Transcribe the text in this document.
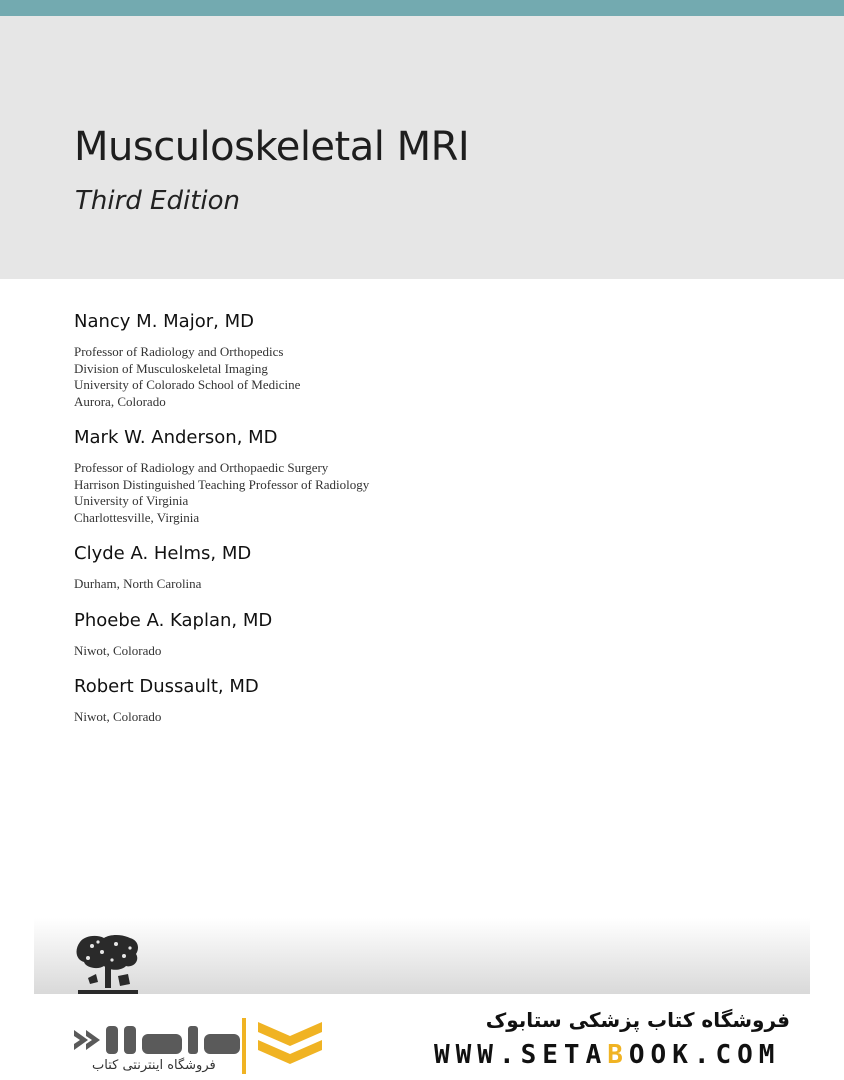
Musculoskeletal MRI
Third Edition
Nancy M. Major, MD
Professor of Radiology and Orthopedics
Division of Musculoskeletal Imaging
University of Colorado School of Medicine
Aurora, Colorado
Mark W. Anderson, MD
Professor of Radiology and Orthopaedic Surgery
Harrison Distinguished Teaching Professor of Radiology
University of Virginia
Charlottesville, Virginia
Clyde A. Helms, MD
Durham, North Carolina
Phoebe A. Kaplan, MD
Niwot, Colorado
Robert Dussault, MD
Niwot, Colorado
فروشگاه اینترنتی کتاب
فروشگاه کتاب پزشکی ستابوک
WWW.SETABOOK.COM
